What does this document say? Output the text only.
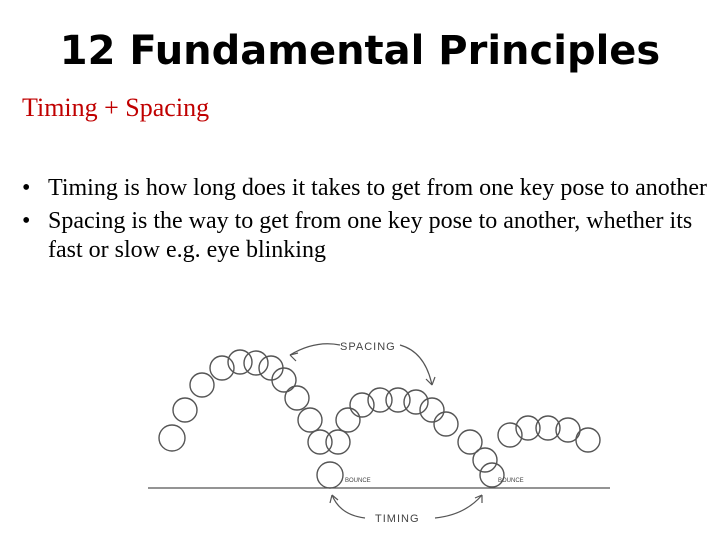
12 Fundamental Principles
Timing + Spacing
• Timing is how long does it takes to get from one key pose to another
• Spacing is the way to get from one key pose to another, whether its fast or slow e.g. eye blinking
SPACING
TIMING
BOUNCE	BOUNCE
